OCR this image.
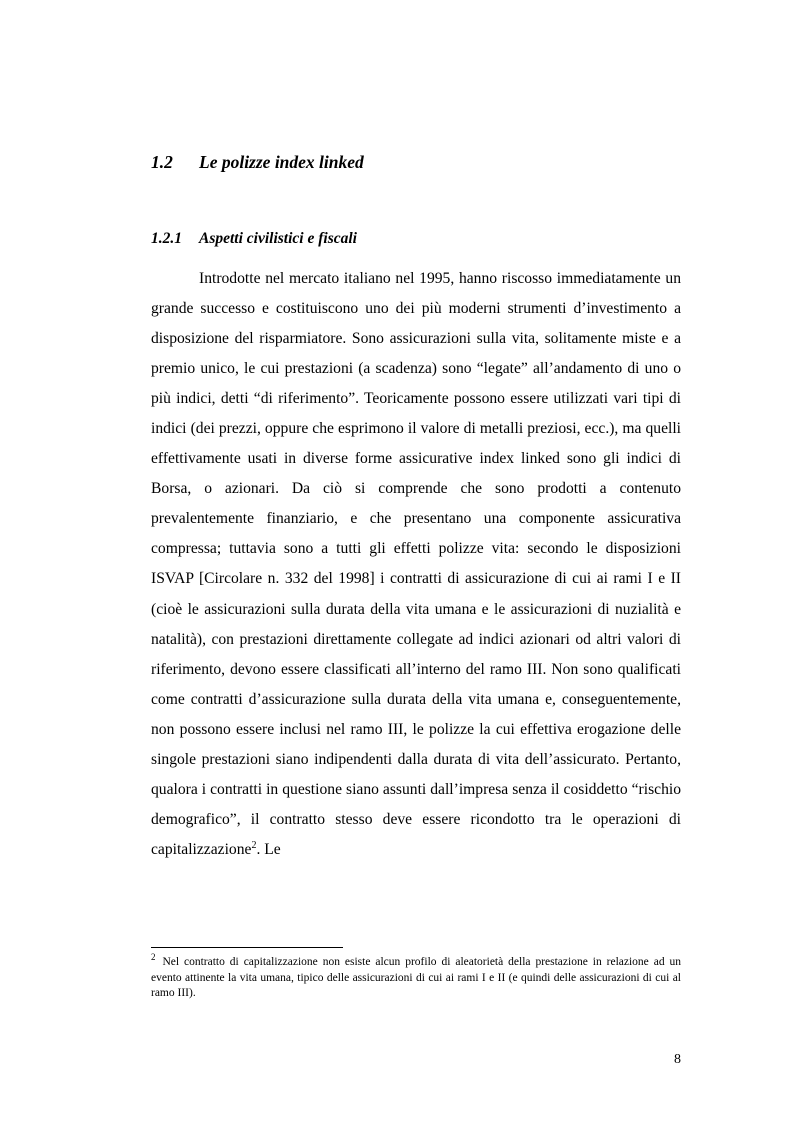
1.2 Le polizze index linked
1.2.1 Aspetti civilistici e fiscali

Introdotte nel mercato italiano nel 1995, hanno riscosso immediatamente un grande successo e costituiscono uno dei più moderni strumenti d’investimento a disposizione del risparmiatore. Sono assicurazioni sulla vita, solitamente miste e a premio unico, le cui prestazioni (a scadenza) sono “legate” all’andamento di uno o più indici, detti “di riferimento”. Teoricamente possono essere utilizzati vari tipi di indici (dei prezzi, oppure che esprimono il valore di metalli preziosi, ecc.), ma quelli effettivamente usati in diverse forme assicurative index linked sono gli indici di Borsa, o azionari. Da ciò si comprende che sono prodotti a contenuto prevalentemente finanziario, e che presentano una componente assicurativa compressa; tuttavia sono a tutti gli effetti polizze vita: secondo le disposizioni ISVAP [Circolare n. 332 del 1998] i contratti di assicurazione di cui ai rami I e II (cioè le assicurazioni sulla durata della vita umana e le assicurazioni di nuzialità e natalità), con prestazioni direttamente collegate ad indici azionari od altri valori di riferimento, devono essere classificati all’interno del ramo III. Non sono qualificati come contratti d’assicurazione sulla durata della vita umana e, conseguentemente, non possono essere inclusi nel ramo III, le polizze la cui effettiva erogazione delle singole prestazioni siano indipendenti dalla durata di vita dell’assicurato. Pertanto, qualora i contratti in questione siano assunti dall’impresa senza il cosiddetto “rischio demografico”, il contratto stesso deve essere ricondotto tra le operazioni di capitalizzazione$^2$. Le

$^2$ Nel contratto di capitalizzazione non esiste alcun profilo di aleatorietà della prestazione in relazione ad un evento attinente la vita umana, tipico delle assicurazioni di cui ai rami I e II (e quindi delle assicurazioni di cui al ramo III).

8
